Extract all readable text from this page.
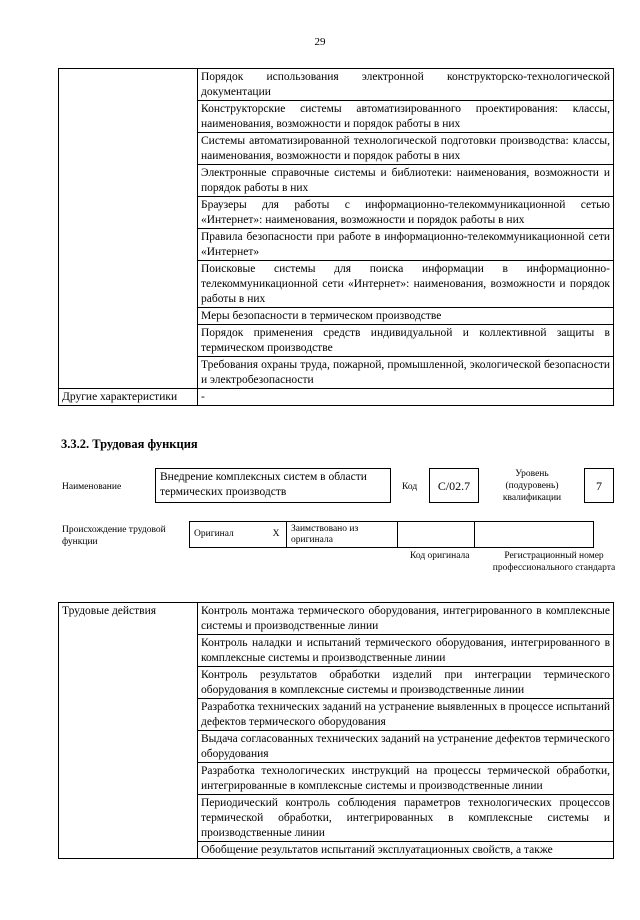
29
	Порядок использования электронной конструкторско-технологической документации
	Конструкторские системы автоматизированного проектирования: классы, наименования, возможности и порядок работы в них
	Системы автоматизированной технологической подготовки производства: классы, наименования, возможности и порядок работы в них
	Электронные справочные системы и библиотеки: наименования, возможности и порядок работы в них
	Браузеры для работы с информационно-телекоммуникационной сетью «Интернет»: наименования, возможности и порядок работы в них
	Правила безопасности при работе в информационно-телекоммуникационной сети «Интернет»
	Поисковые системы для поиска информации в информационно-телекоммуникационной сети «Интернет»: наименования, возможности и порядок работы в них
	Меры безопасности в термическом производстве
	Порядок применения средств индивидуальной и коллективной защиты в термическом производстве
	Требования охраны труда, пожарной, промышленной, экологической безопасности и электробезопасности
Другие характеристики	-
3.3.2. Трудовая функция
Наименование
Внедрение комплексных систем в области термических производств	Код	C/02.7
Уровень (подуровень) квалификации
7
Происхождение трудовой функции
Оригинал	X	Заимствовано из оригинала		
Код оригинала	Регистрационный номер профессионального стандарта
Трудовые действия	Контроль монтажа термического оборудования, интегрированного в комплексные системы и производственные линии
Контроль наладки и испытаний термического оборудования, интегрированного в комплексные системы и производственные линии
Контроль результатов обработки изделий при интеграции термического оборудования в комплексные системы и производственные линии
Разработка технических заданий на устранение выявленных в процессе испытаний дефектов термического оборудования
Выдача согласованных технических заданий на устранение дефектов термического оборудования
Разработка технологических инструкций на процессы термической обработки, интегрированные в комплексные системы и производственные линии
Периодический контроль соблюдения параметров технологических процессов термической обработки, интегрированных в комплексные системы и производственные линии
Обобщение результатов испытаний эксплуатационных свойств, а также
